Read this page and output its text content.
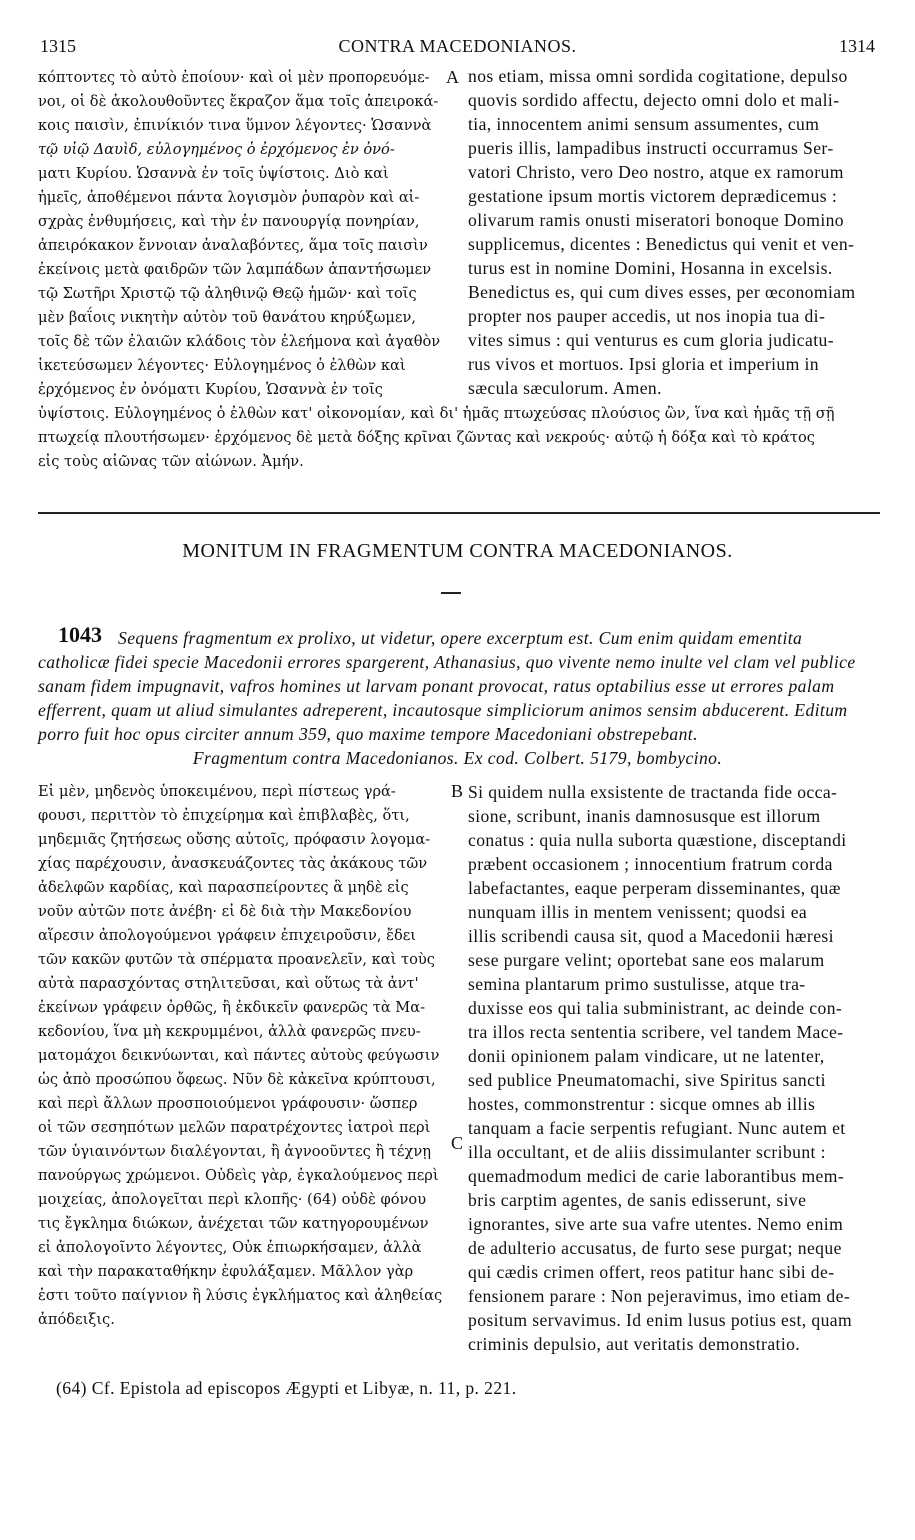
1315	CONTRA MACEDONIANOS.	1314
κόπτοντες τὸ αὐτὸ ἐποίουν· καὶ οἱ μὲν προπορευόμε-
νοι, οἱ δὲ ἀκολουθοῦντες ἔκραζον ἅμα τοῖς ἀπειροκά-
κοις παισὶν, ἐπινίκιόν τινα ὕμνον λέγοντες· Ὡσαννὰ
τῷ υἱῷ Δαυὶδ, εὐλογημένος ὁ ἐρχόμενος ἐν ὀνό-
ματι Κυρίου. Ὡσαννὰ ἐν τοῖς ὑψίστοις. Διὸ καὶ
ἡμεῖς, ἀποθέμενοι πάντα λογισμὸν ῥυπαρὸν καὶ αἰ-
σχρὰς ἐνθυμήσεις, καὶ τὴν ἐν πανουργίᾳ πονηρίαν,
ἀπειρόκακον ἔννοιαν ἀναλαβόντες, ἅμα τοῖς παισὶν
ἐκείνοις μετὰ φαιδρῶν τῶν λαμπάδων ἀπαντήσωμεν
τῷ Σωτῆρι Χριστῷ τῷ ἀληθινῷ Θεῷ ἡμῶν· καὶ τοῖς
μὲν βαΐοις νικητὴν αὐτὸν τοῦ θανάτου κηρύξωμεν,
τοῖς δὲ τῶν ἐλαιῶν κλάδοις τὸν ἐλεήμονα καὶ ἀγαθὸν
ἱκετεύσωμεν λέγοντες· Εὐλογημένος ὁ ἐλθὼν καὶ
ἐρχόμενος ἐν ὀνόματι Κυρίου, Ὡσαννὰ ἐν τοῖς
A nos etiam, missa omni sordida cogitatione, depulso
quovis sordido affectu, dejecto omni dolo et mali-
tia, innocentem animi sensum assumentes, cum
pueris illis, lampadibus instructi occurramus Ser-
vatori Christo, vero Deo nostro, atque ex ramorum
gestatione ipsum mortis victorem deprædicemus :
olivarum ramis onusti miseratori bonoque Domino
supplicemus, dicentes : Benedictus qui venit et ven-
turus est in nomine Domini, Hosanna in excelsis.
Benedictus es, qui cum dives esses, per œconomiam
propter nos pauper accedis, ut nos inopia tua di-
vites simus : qui venturus es cum gloria judicatu-
rus vivos et mortuos. Ipsi gloria et imperium in
sæcula sæculorum. Amen.
ὑψίστοις. Εὐλογημένος ὁ ἐλθὼν κατ' οἰκονομίαν, καὶ δι' ἡμᾶς πτωχεύσας πλούσιος ὢν, ἵνα καὶ ἡμᾶς τῇ σῇ
πτωχείᾳ πλουτήσωμεν· ἐρχόμενος δὲ μετὰ δόξης κρῖναι ζῶντας καὶ νεκρούς· αὐτῷ ἡ δόξα καὶ τὸ κράτος
εἰς τοὺς αἰῶνας τῶν αἰώνων. Ἀμήν.
MONITUM IN FRAGMENTUM CONTRA MACEDONIANOS.
1043 Sequens fragmentum ex prolixo, ut videtur, opere excerptum est. Cum enim quidam ementita
catholicæ fidei specie Macedonii errores spargerent, Athanasius, quo vivente nemo inulte vel clam vel publice
sanam fidem impugnavit, vafros homines ut larvam ponant provocat, ratus optabilius esse ut errores palam
efferrent, quam ut aliud simulantes adreperent, incautosque simpliciorum animos sensim abducerent. Editum
porro fuit hoc opus circiter annum 359, quo maxime tempore Macedoniani obstrepebant.
Fragmentum contra Macedonianos. Ex cod. Colbert. 5179, bombycino.
Εἰ μὲν, μηδενὸς ὑποκειμένου, περὶ πίστεως γρά-
φουσι, περιττὸν τὸ ἐπιχείρημα καὶ ἐπιβλαβὲς, ὅτι,
μηδεμιᾶς ζητήσεως οὔσης αὐτοῖς, πρόφασιν λογομα-
χίας παρέχουσιν, ἀνασκευάζοντες τὰς ἀκάκους τῶν
ἀδελφῶν καρδίας, καὶ παρασπείροντες ἃ μηδὲ εἰς
νοῦν αὐτῶν ποτε ἀνέβη· εἰ δὲ διὰ τὴν Μακεδονίου
αἵρεσιν ἀπολογούμενοι γράφειν ἐπιχειροῦσιν, ἔδει
τῶν κακῶν φυτῶν τὰ σπέρματα προανελεῖν, καὶ τοὺς
αὐτὰ παρασχόντας στηλιτεῦσαι, καὶ οὕτως τὰ ἀντ'
ἐκείνων γράφειν ὀρθῶς, ἢ ἐκδικεῖν φανερῶς τὰ Μα-
κεδονίου, ἵνα μὴ κεκρυμμένοι, ἀλλὰ φανερῶς πνευ-
ματομάχοι δεικνύωνται, καὶ πάντες αὐτοὺς φεύγωσιν
ὡς ἀπὸ προσώπου ὄφεως. Νῦν δὲ κἀκεῖνα κρύπτουσι,
καὶ περὶ ἄλλων προσποιούμενοι γράφουσιν· ὥσπερ
οἱ τῶν σεσηπότων μελῶν παρατρέχοντες ἰατροὶ περὶ
τῶν ὑγιαινόντων διαλέγονται, ἢ ἀγνοοῦντες ἢ τέχνῃ
πανούργως χρώμενοι. Οὐδεὶς γὰρ, ἐγκαλούμενος περὶ
μοιχείας, ἀπολογεῖται περὶ κλοπῆς· (64) οὐδὲ φόνου
τις ἔγκλημα διώκων, ἀνέχεται τῶν κατηγορουμένων
εἰ ἀπολογοῖντο λέγοντες, Οὐκ ἐπιωρκήσαμεν, ἀλλὰ
καὶ τὴν παρακαταθήκην ἐφυλάξαμεν. Μᾶλλον γὰρ
ἐστι τοῦτο παίγνιον ἢ λύσις ἐγκλήματος καὶ ἀληθείας
ἀπόδειξις.
B
C
Si quidem nulla exsistente de tractanda fide occa-
sione, scribunt, inanis damnosusque est illorum
conatus : quia nulla suborta quæstione, disceptandi
præbent occasionem ; innocentium fratrum corda
labefactantes, eaque perperam disseminantes, quæ
nunquam illis in mentem venissent; quodsi ea
illis scribendi causa sit, quod a Macedonii hæresi
sese purgare velint; oportebat sane eos malarum
semina plantarum primo sustulisse, atque tra-
duxisse eos qui talia subministrant, ac deinde con-
tra illos recta sententia scribere, vel tandem Mace-
donii opinionem palam vindicare, ut ne latenter,
sed publice Pneumatomachi, sive Spiritus sancti
hostes, commonstrentur : sicque omnes ab illis
tanquam a facie serpentis refugiant. Nunc autem et
illa occultant, et de aliis dissimulanter scribunt :
quemadmodum medici de carie laborantibus mem-
bris carptim agentes, de sanis edisserunt, sive
ignorantes, sive arte sua vafre utentes. Nemo enim
de adulterio accusatus, de furto sese purgat; neque
qui cædis crimen offert, reos patitur hanc sibi de-
fensionem parare : Non pejeravimus, imo etiam de-
positum servavimus. Id enim lusus potius est, quam
criminis depulsio, aut veritatis demonstratio.
(64) Cf. Epistola ad episcopos Ægypti et Libyæ, n. 11, p. 221.
